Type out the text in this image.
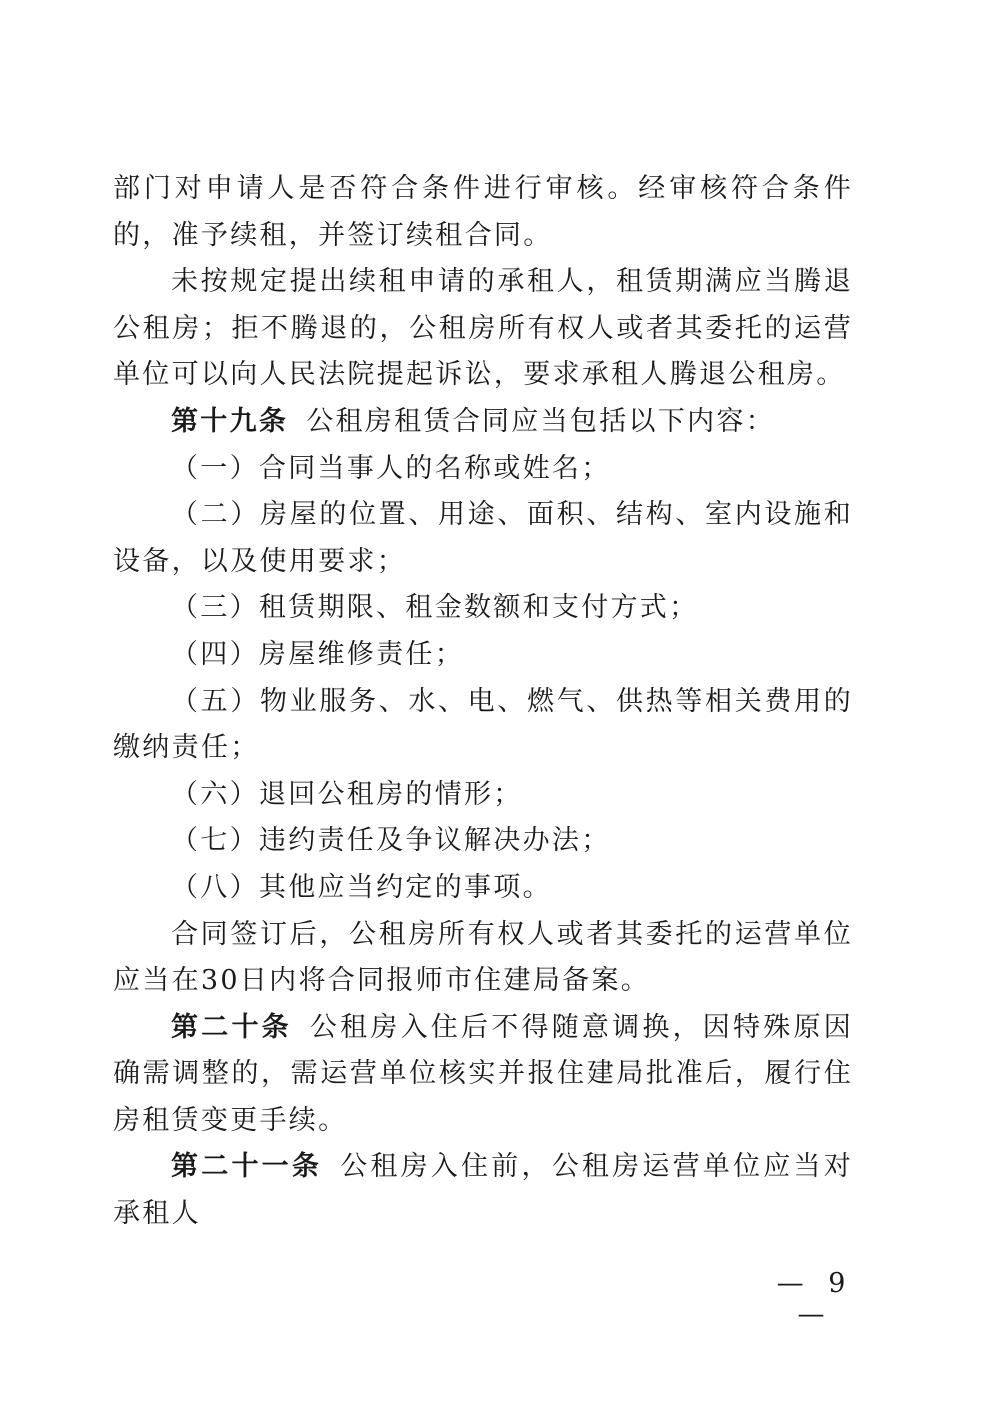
部门对申请人是否符合条件进行审核。经审核符合条件的，准予续租，并签订续租合同。

未按规定提出续租申请的承租人，租赁期满应当腾退公租房；拒不腾退的，公租房所有权人或者其委托的运营单位可以向人民法院提起诉讼，要求承租人腾退公租房。

第十九条 公租房租赁合同应当包括以下内容：

（一）合同当事人的名称或姓名；

（二）房屋的位置、用途、面积、结构、室内设施和设备，以及使用要求；

（三）租赁期限、租金数额和支付方式；

（四）房屋维修责任；

（五）物业服务、水、电、燃气、供热等相关费用的缴纳责任；

（六）退回公租房的情形；

（七）违约责任及争议解决办法；

（八）其他应当约定的事项。

合同签订后，公租房所有权人或者其委托的运营单位应当在30日内将合同报师市住建局备案。

第二十条 公租房入住后不得随意调换，因特殊原因确需调整的，需运营单位核实并报住建局批准后，履行住房租赁变更手续。

第二十一条 公租房入住前，公租房运营单位应当对承租人

— 9 —
